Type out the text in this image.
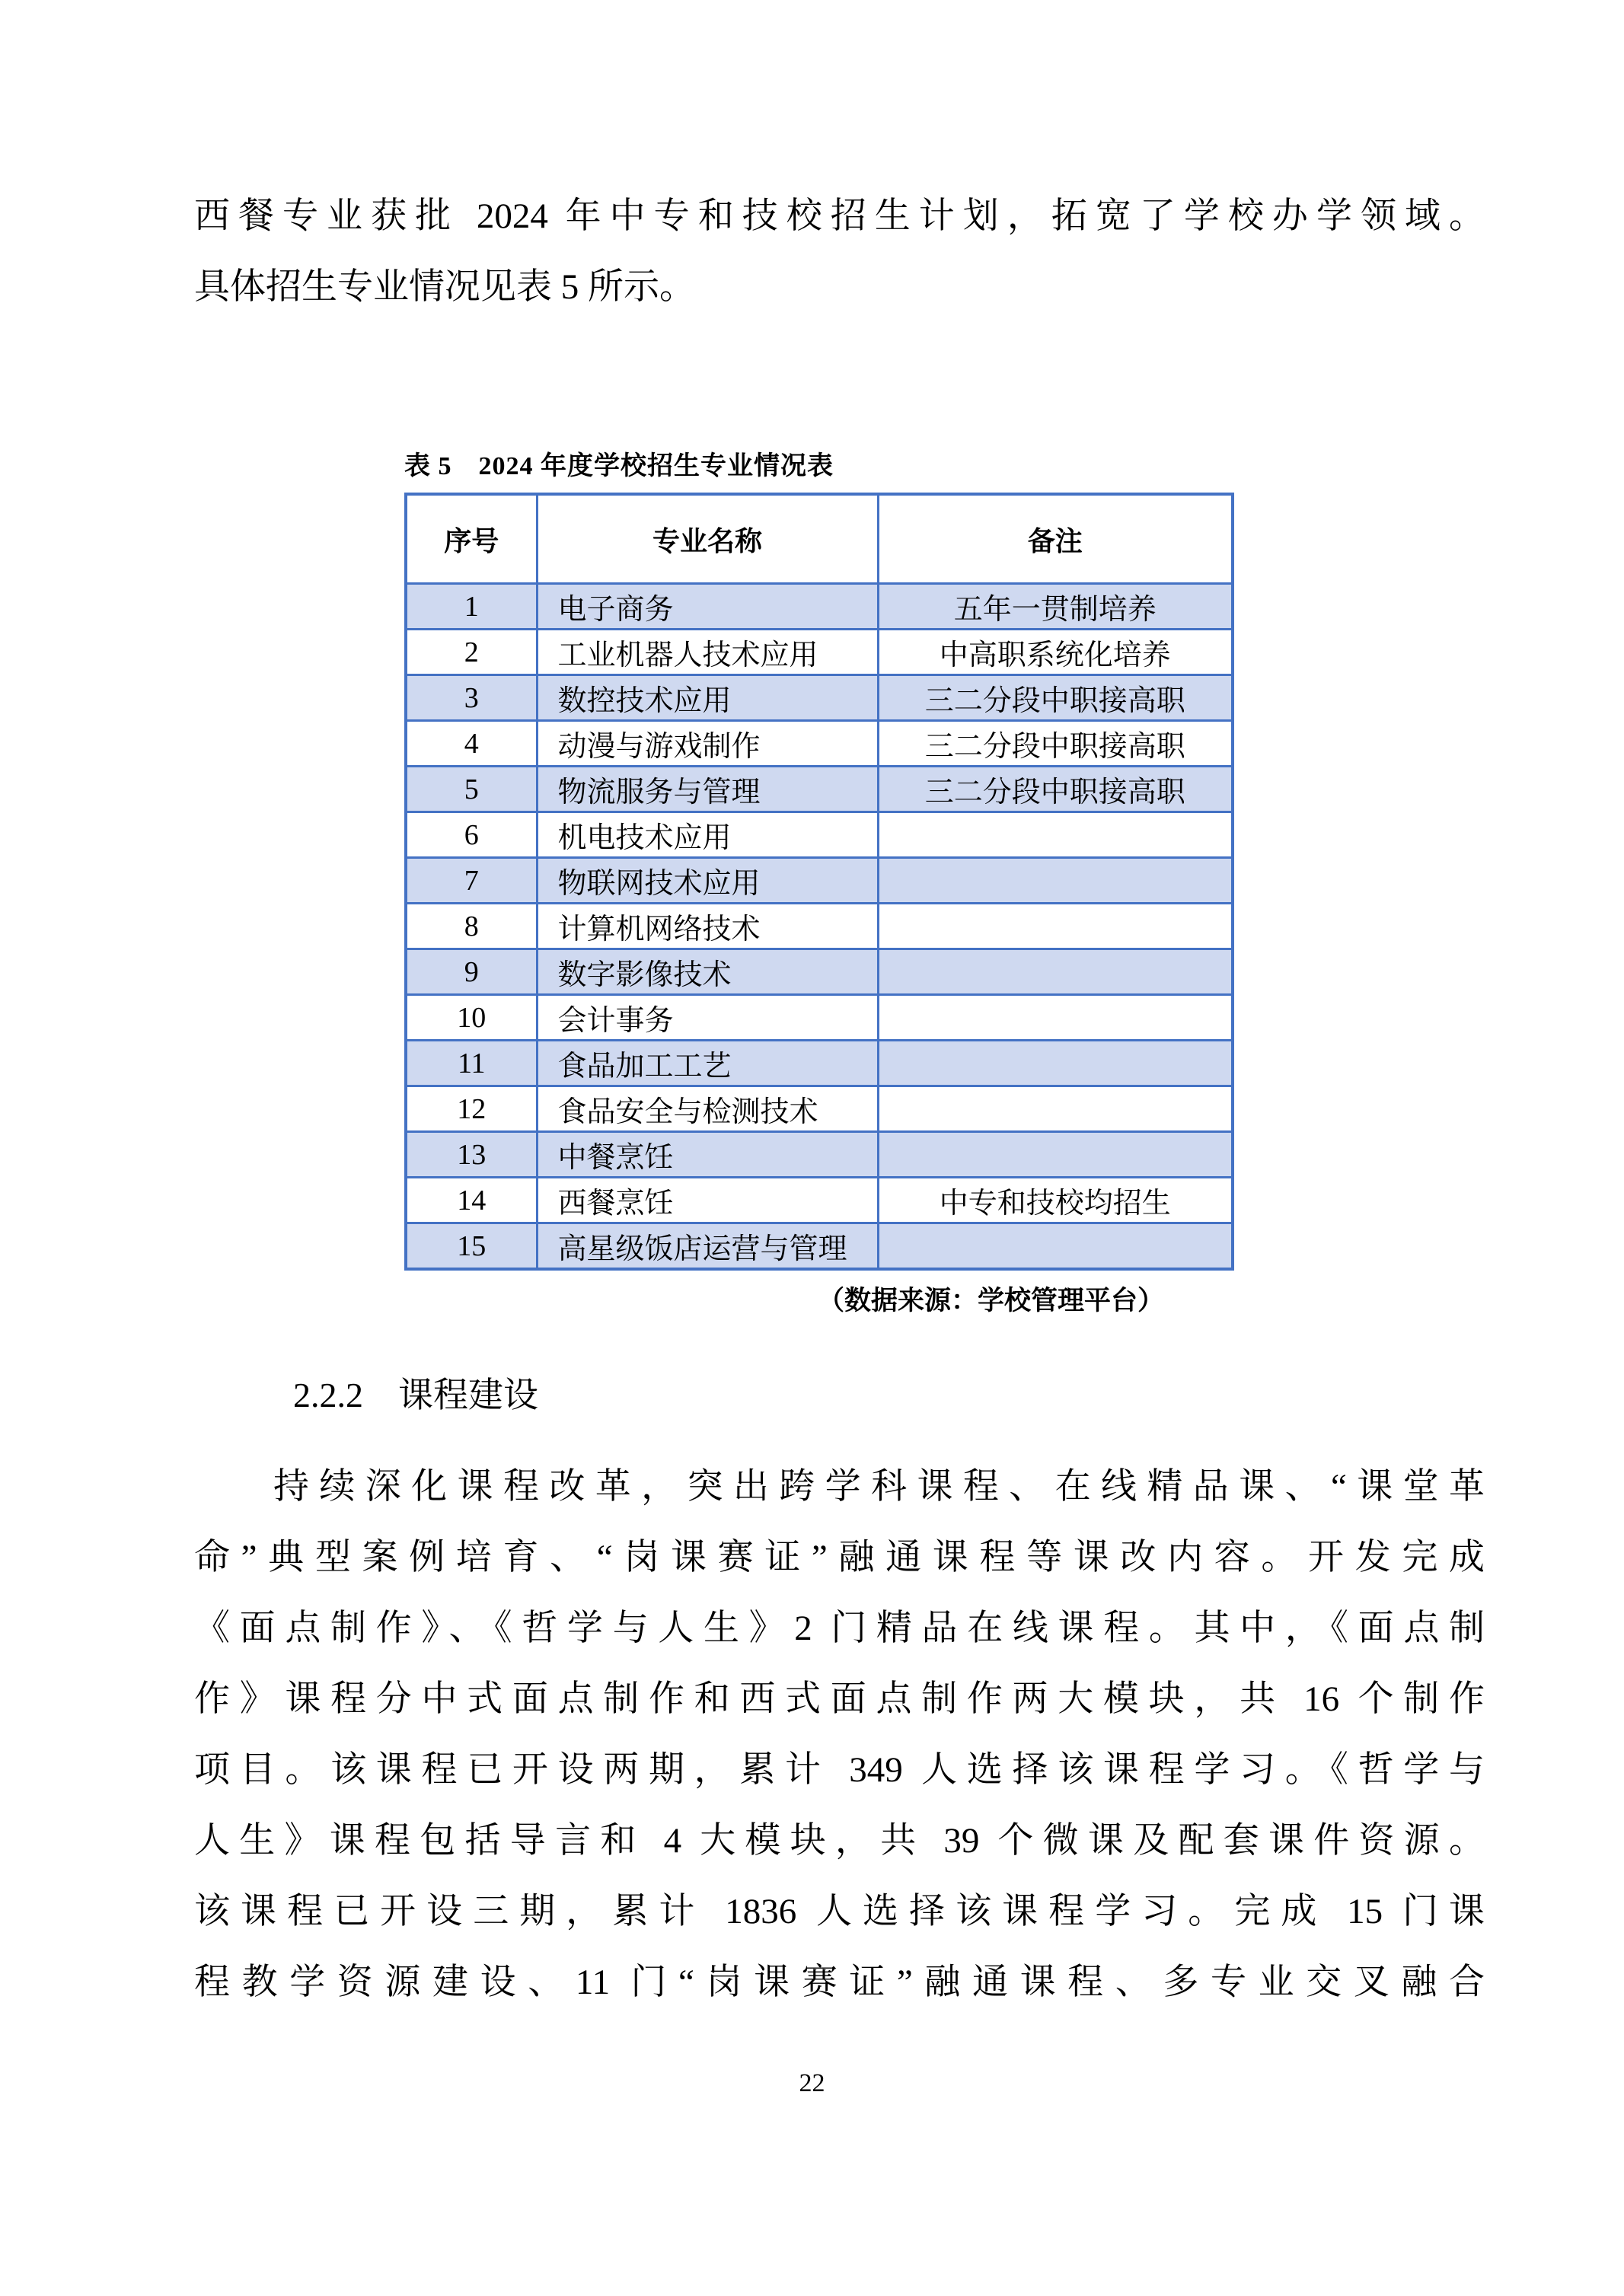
西餐专业获批 2024 年中专和技校招生计划，拓宽了学校办学领域。
具体招生专业情况见表 5 所示。
表 5　2024 年度学校招生专业情况表
序号	专业名称	备注
1	电子商务	五年一贯制培养
2	工业机器人技术应用	中高职系统化培养
3	数控技术应用	三二分段中职接高职
4	动漫与游戏制作	三二分段中职接高职
5	物流服务与管理	三二分段中职接高职
6	机电技术应用	
7	物联网技术应用	
8	计算机网络技术	
9	数字影像技术	
10	会计事务	
11	食品加工工艺	
12	食品安全与检测技术	
13	中餐烹饪	
14	西餐烹饪	中专和技校均招生
15	高星级饭店运营与管理	
（数据来源：学校管理平台）
2.2.2　课程建设
持续深化课程改革，突出跨学科课程、在线精品课、“课堂革
命”典型案例培育、“岗课赛证”融通课程等课改内容。开发完成
《面点制作》、《哲学与人生》2 门精品在线课程。其中，《面点制
作》课程分中式面点制作和西式面点制作两大模块，共 16 个制作
项目。该课程已开设两期，累计 349 人选择该课程学习。《哲学与
人生》课程包括导言和 4 大模块，共 39 个微课及配套课件资源。
该课程已开设三期，累计 1836 人选择该课程学习。完成 15 门课
程教学资源建设、11 门“岗课赛证”融通课程、多专业交叉融合
22
